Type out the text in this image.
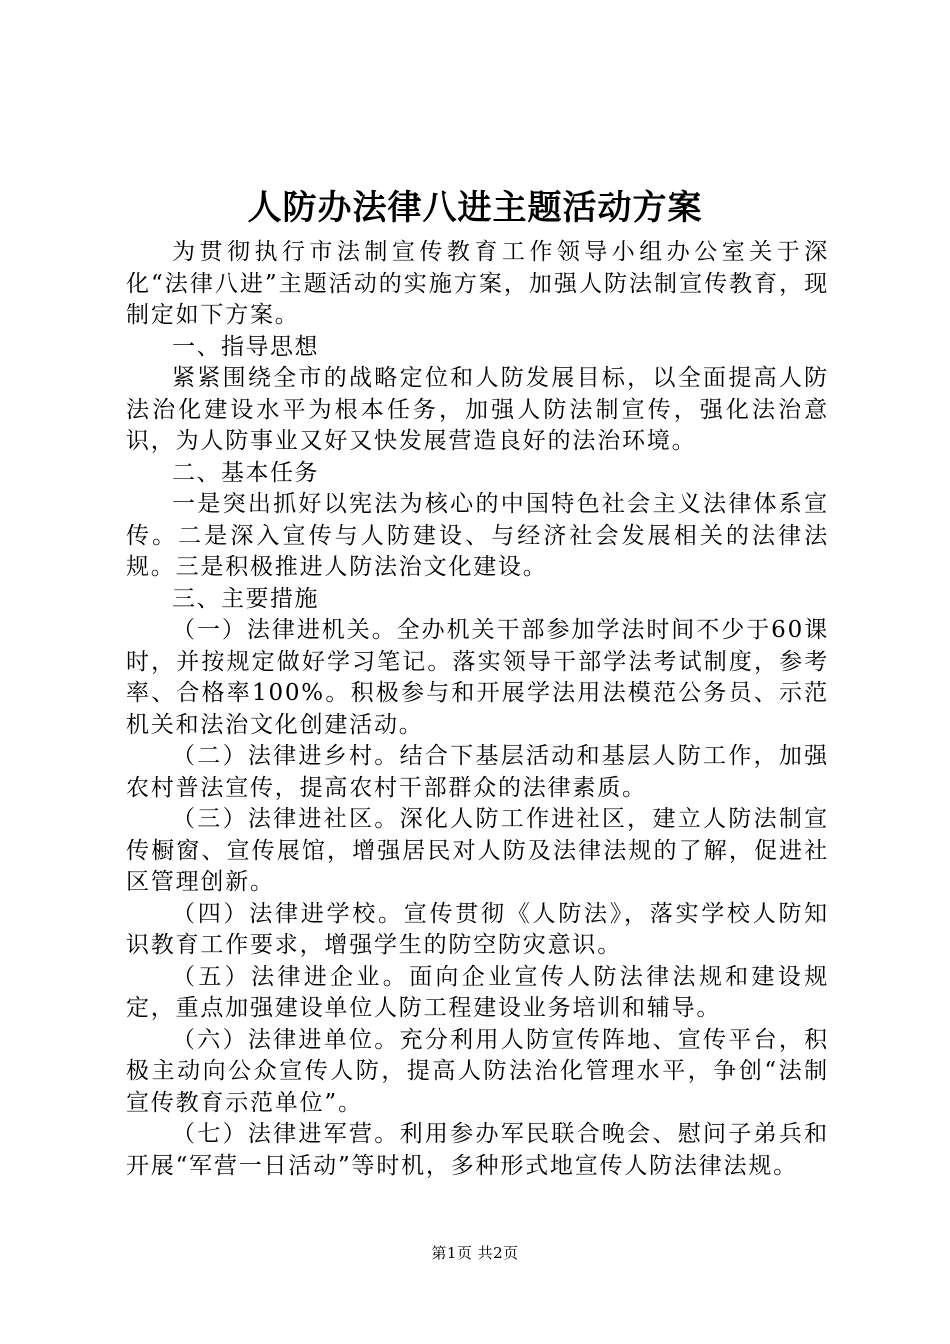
人防办法律八进主题活动方案

为贯彻执行市法制宣传教育工作领导小组办公室关于深化“法律八进”主题活动的实施方案，加强人防法制宣传教育，现制定如下方案。

一、指导思想

紧紧围绕全市的战略定位和人防发展目标，以全面提高人防法治化建设水平为根本任务，加强人防法制宣传，强化法治意识，为人防事业又好又快发展营造良好的法治环境。

二、基本任务

一是突出抓好以宪法为核心的中国特色社会主义法律体系宣传。二是深入宣传与人防建设、与经济社会发展相关的法律法规。三是积极推进人防法治文化建设。

三、主要措施

（一）法律进机关。全办机关干部参加学法时间不少于60课时，并按规定做好学习笔记。落实领导干部学法考试制度，参考率、合格率100%。积极参与和开展学法用法模范公务员、示范机关和法治文化创建活动。

（二）法律进乡村。结合下基层活动和基层人防工作，加强农村普法宣传，提高农村干部群众的法律素质。

（三）法律进社区。深化人防工作进社区，建立人防法制宣传橱窗、宣传展馆，增强居民对人防及法律法规的了解，促进社区管理创新。

（四）法律进学校。宣传贯彻《人防法》，落实学校人防知识教育工作要求，增强学生的防空防灾意识。

（五）法律进企业。面向企业宣传人防法律法规和建设规定，重点加强建设单位人防工程建设业务培训和辅导。

（六）法律进单位。充分利用人防宣传阵地、宣传平台，积极主动向公众宣传人防，提高人防法治化管理水平，争创“法制宣传教育示范单位”。

（七）法律进军营。利用参办军民联合晚会、慰问子弟兵和开展“军营一日活动”等时机，多种形式地宣传人防法律法规。

第1页 共2页
